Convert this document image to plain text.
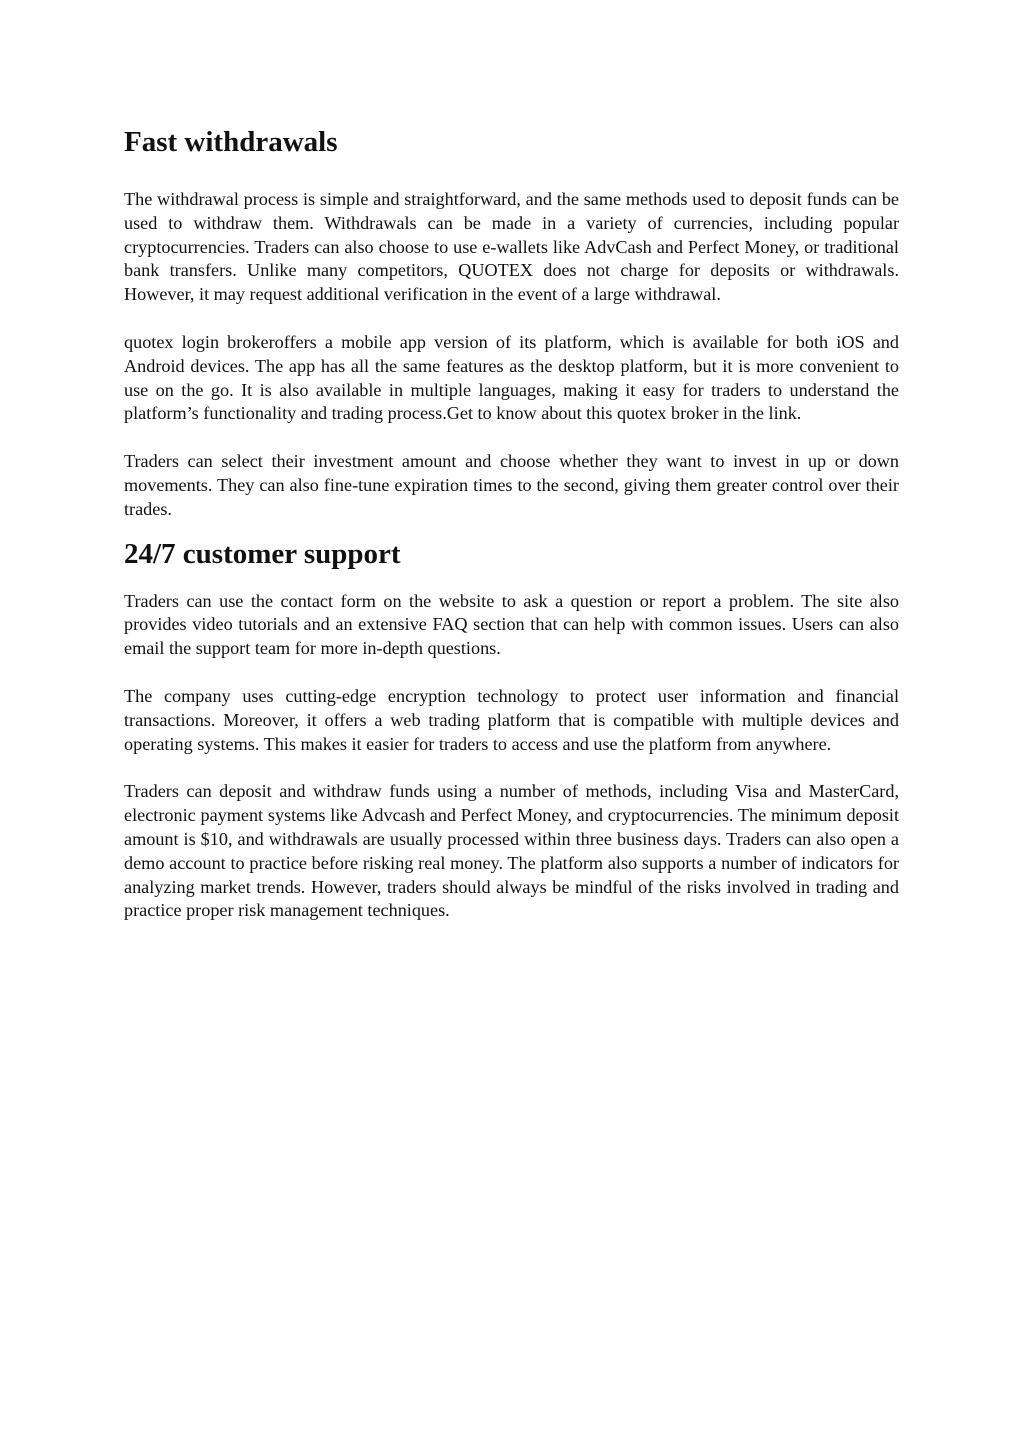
Fast withdrawals

The withdrawal process is simple and straightforward, and the same methods used to deposit funds can be used to withdraw them. Withdrawals can be made in a variety of currencies, including popular cryptocurrencies. Traders can also choose to use e-wallets like AdvCash and Perfect Money, or traditional bank transfers. Unlike many competitors, QUOTEX does not charge for deposits or withdrawals. However, it may request additional verification in the event of a large withdrawal.

quotex login brokeroffers a mobile app version of its platform, which is available for both iOS and Android devices. The app has all the same features as the desktop platform, but it is more convenient to use on the go. It is also available in multiple languages, making it easy for traders to understand the platform’s functionality and trading process.Get to know about this quotex broker in the link.

Traders can select their investment amount and choose whether they want to invest in up or down movements. They can also fine-tune expiration times to the second, giving them greater control over their trades.

24/7 customer support

Traders can use the contact form on the website to ask a question or report a problem. The site also provides video tutorials and an extensive FAQ section that can help with common issues. Users can also email the support team for more in-depth questions.

The company uses cutting-edge encryption technology to protect user information and financial transactions. Moreover, it offers a web trading platform that is compatible with multiple devices and operating systems. This makes it easier for traders to access and use the platform from anywhere.

Traders can deposit and withdraw funds using a number of methods, including Visa and MasterCard, electronic payment systems like Advcash and Perfect Money, and cryptocurrencies. The minimum deposit amount is $10, and withdrawals are usually processed within three business days. Traders can also open a demo account to practice before risking real money. The platform also supports a number of indicators for analyzing market trends. However, traders should always be mindful of the risks involved in trading and practice proper risk management techniques.
